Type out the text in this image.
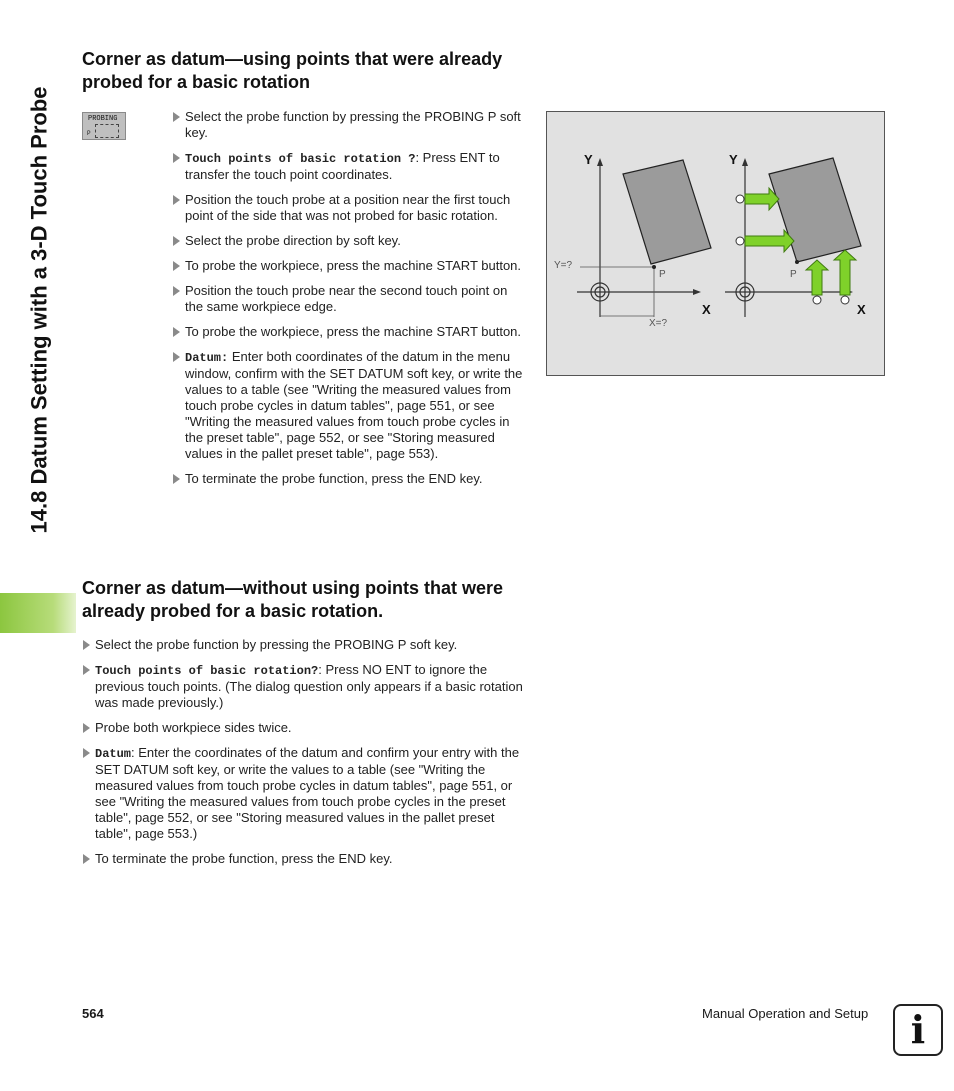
14.8 Datum Setting with a 3-D Touch Probe
Corner as datum—using points that were already probed for a basic rotation
PROBING
P
Select the probe function by pressing the PROBING P soft key.
Touch points of basic rotation ?: Press ENT to transfer the touch point coordinates.
Position the touch probe at a position near the first touch point of the side that was not probed for basic rotation.
Select the probe direction by soft key.
To probe the workpiece, press the machine START button.
Position the touch probe near the second touch point on the same workpiece edge.
To probe the workpiece, press the machine START button.
Datum: Enter both coordinates of the datum in the menu window, confirm with the SET DATUM soft key, or write the values to a table (see "Writing the measured values from touch probe cycles in datum tables", page 551, or see "Writing the measured values from touch probe cycles in the preset table", page 552, or see "Storing measured values in the pallet preset table", page 553).
To terminate the probe function, press the END key.
Y
X
Y
X
Y=?
X=?
P	P
Corner as datum—without using points that were already probed for a basic rotation.
Select the probe function by pressing the PROBING P soft key.
Touch points of basic rotation?: Press NO ENT to ignore the previous touch points. (The dialog question only appears if a basic rotation was made previously.)
Probe both workpiece sides twice.
Datum: Enter the coordinates of the datum and confirm your entry with the SET DATUM soft key, or write the values to a table (see "Writing the measured values from touch probe cycles in datum tables", page 551, or see "Writing the measured values from touch probe cycles in the preset table", page 552, or see "Storing measured values in the pallet preset table", page 553.)
To terminate the probe function, press the END key.
564	Manual Operation and Setup i
